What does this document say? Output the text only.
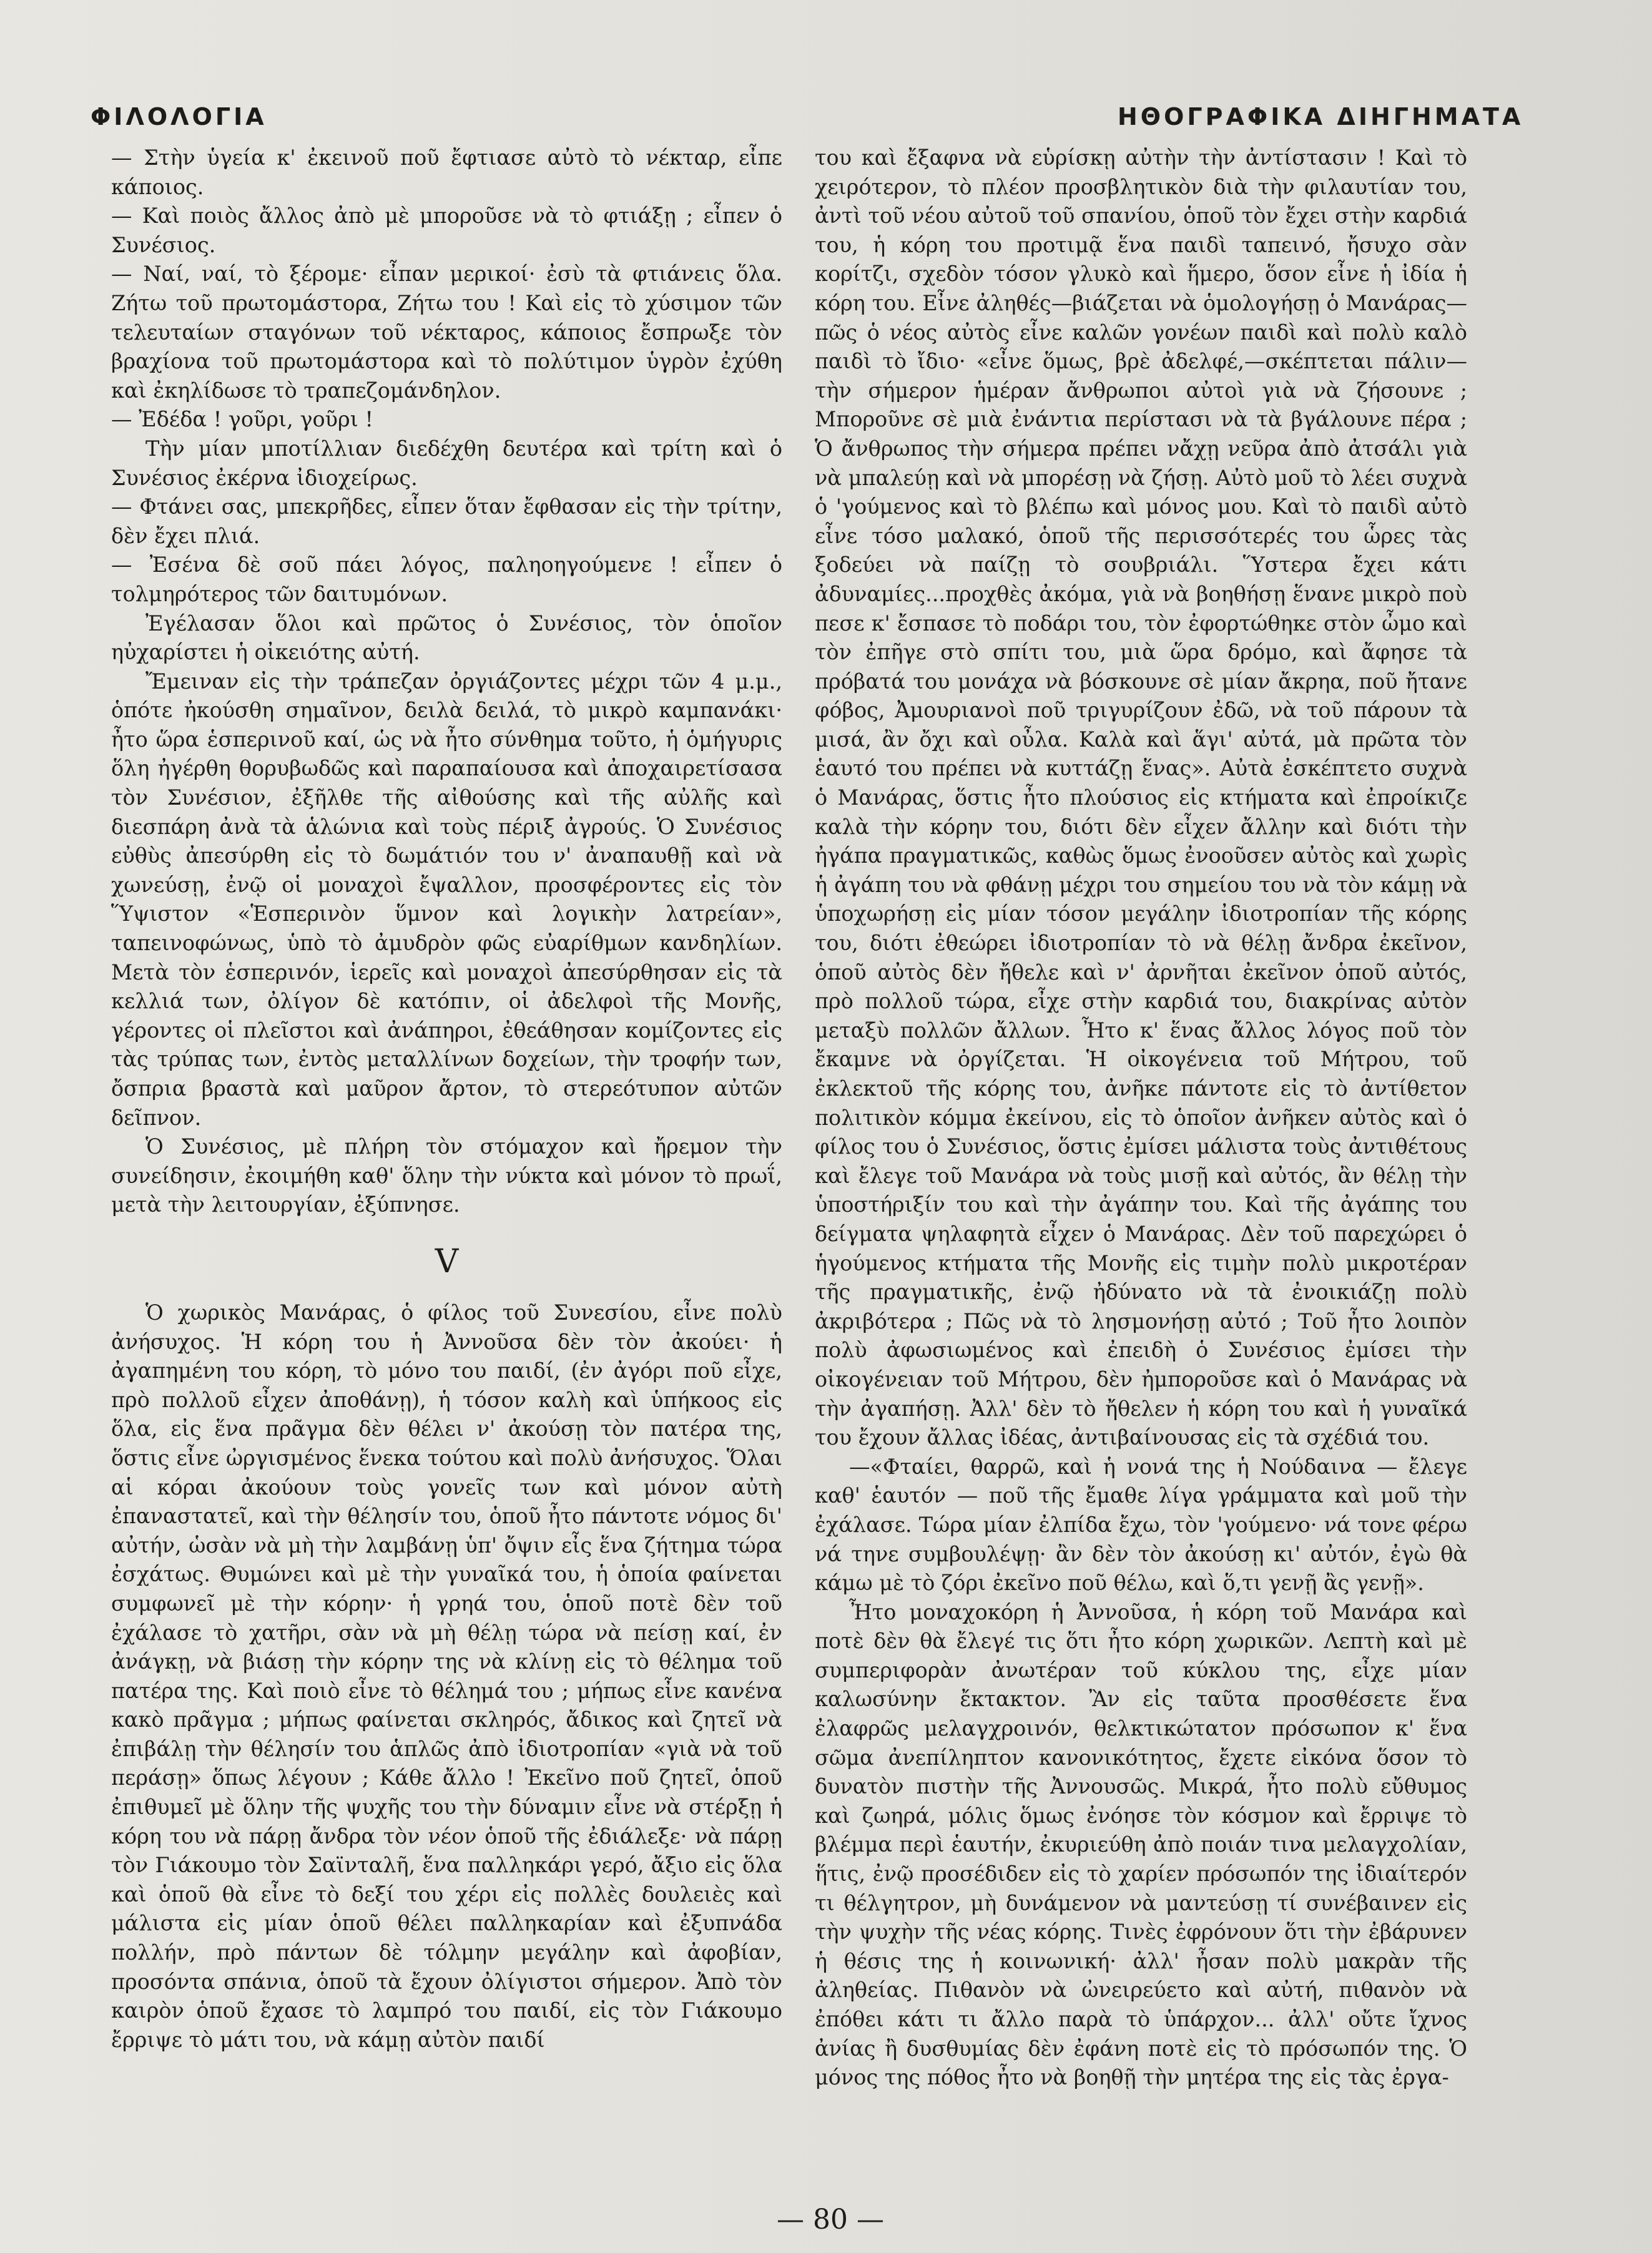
ΦΙΛΟΛΟΓΙΑ	ΗΘΟΓΡΑΦΙΚΑ ΔΙΗΓΗΜΑΤΑ

— Στὴν ὑγεία κ' ἐκεινοῦ ποῦ ἔφτιασε αὐτὸ τὸ νέκταρ, εἶπε κάποιος.

— Καὶ ποιὸς ἄλλος ἀπὸ μὲ μποροῦσε νὰ τὸ φτιάξῃ ; εἶπεν ὁ Συνέσιος.

— Ναί, ναί, τὸ ξέρομε· εἶπαν μερικοί· ἐσὺ τὰ φτιάνεις ὅλα. Ζήτω τοῦ πρωτομάστορα, Ζήτω του ! Καὶ εἰς τὸ χύσιμον τῶν τελευταίων σταγόνων τοῦ νέκταρος, κάποιος ἔσπρωξε τὸν βραχίονα τοῦ πρωτομάστορα καὶ τὸ πολύτιμον ὑγρὸν ἐχύθη καὶ ἐκηλίδωσε τὸ τραπεζομάνδηλον.

— Ἐδέδα ! γοῦρι, γοῦρι !

Τὴν μίαν μποτίλλιαν διεδέχθη δευτέρα καὶ τρίτη καὶ ὁ Συνέσιος ἐκέρνα ἰδιοχείρως.

— Φτάνει σας, μπεκρῆδες, εἶπεν ὅταν ἔφθασαν εἰς τὴν τρίτην, δὲν ἔχει πλιά.

— Ἐσένα δὲ σοῦ πάει λόγος, παληοηγούμενε ! εἶπεν ὁ τολμηρότερος τῶν δαιτυμόνων.

Ἐγέλασαν ὅλοι καὶ πρῶτος ὁ Συνέσιος, τὸν ὁποῖον ηὐχαρίστει ἡ οἰκειότης αὐτή.

Ἔμειναν εἰς τὴν τράπεζαν ὀργιάζοντες μέχρι τῶν 4 μ.μ., ὁπότε ἠκούσθη σημαῖνον, δειλὰ δειλά, τὸ μικρὸ καμπανάκι· ἦτο ὥρα ἑσπερινοῦ καί, ὡς νὰ ἦτο σύνθημα τοῦτο, ἡ ὁμήγυρις ὅλη ἠγέρθη θορυβωδῶς καὶ παραπαίουσα καὶ ἀποχαιρετίσασα τὸν Συνέσιον, ἐξῆλθε τῆς αἰθούσης καὶ τῆς αὐλῆς καὶ διεσπάρη ἀνὰ τὰ ἁλώνια καὶ τοὺς πέριξ ἀγρούς. Ὁ Συνέσιος εὐθὺς ἀπεσύρθη εἰς τὸ δωμάτιόν του ν' ἀναπαυθῇ καὶ νὰ χωνεύσῃ, ἐνῷ οἱ μοναχοὶ ἔψαλλον, προσφέροντες εἰς τὸν Ὕψιστον «Ἑσπερινὸν ὕμνον καὶ λογικὴν λατρείαν», ταπεινοφώνως, ὑπὸ τὸ ἀμυδρὸν φῶς εὐαρίθμων κανδηλίων. Μετὰ τὸν ἑσπερινόν, ἱερεῖς καὶ μοναχοὶ ἀπεσύρθησαν εἰς τὰ κελλιά των, ὀλίγον δὲ κατόπιν, οἱ ἀδελφοὶ τῆς Μονῆς, γέροντες οἱ πλεῖστοι καὶ ἀνάπηροι, ἐθεάθησαν κομίζοντες εἰς τὰς τρύπας των, ἐντὸς μεταλλίνων δοχείων, τὴν τροφήν των, ὄσπρια βραστὰ καὶ μαῦρον ἄρτον, τὸ στερεότυπον αὐτῶν δεῖπνον.

Ὁ Συνέσιος, μὲ πλήρη τὸν στόμαχον καὶ ἤρεμον τὴν συνείδησιν, ἐκοιμήθη καθ' ὅλην τὴν νύκτα καὶ μόνον τὸ πρωΐ, μετὰ τὴν λειτουργίαν, ἐξύπνησε.

V

Ὁ χωρικὸς Μανάρας, ὁ φίλος τοῦ Συνεσίου, εἶνε πολὺ ἀνήσυχος. Ἡ κόρη του ἡ Ἀννοῦσα δὲν τὸν ἀκούει· ἡ ἀγαπημένη του κόρη, τὸ μόνο του παιδί, (ἐν ἀγόρι ποῦ εἶχε, πρὸ πολλοῦ εἶχεν ἀποθάνῃ), ἡ τόσον καλὴ καὶ ὑπήκοος εἰς ὅλα, εἰς ἕνα πρᾶγμα δὲν θέλει ν' ἀκούσῃ τὸν πατέρα της, ὅστις εἶνε ὠργισμένος ἕνεκα τούτου καὶ πολὺ ἀνήσυχος. Ὅλαι αἱ κόραι ἀκούουν τοὺς γονεῖς των καὶ μόνον αὐτὴ ἐπαναστατεῖ, καὶ τὴν θέλησίν του, ὁποῦ ἦτο πάντοτε νόμος δι' αὐτήν, ὡσὰν νὰ μὴ τὴν λαμβάνῃ ὑπ' ὄψιν εἶς ἕνα ζήτημα τώρα ἐσχάτως. Θυμώνει καὶ μὲ τὴν γυναῖκά του, ἡ ὁποία φαίνεται συμφωνεῖ μὲ τὴν κόρην· ἡ γρηά του, ὁποῦ ποτὲ δὲν τοῦ ἐχάλασε τὸ χατῆρι, σὰν νὰ μὴ θέλῃ τώρα νὰ πείσῃ καί, ἐν ἀνάγκῃ, νὰ βιάσῃ τὴν κόρην της νὰ κλίνῃ εἰς τὸ θέλημα τοῦ πατέρα της. Καὶ ποιὸ εἶνε τὸ θέλημά του ; μήπως εἶνε κανένα κακὸ πρᾶγμα ; μήπως φαίνεται σκληρός, ἄδικος καὶ ζητεῖ νὰ ἐπιβάλῃ τὴν θέλησίν του ἁπλῶς ἀπὸ ἰδιοτροπίαν «γιὰ νὰ τοῦ περάσῃ» ὅπως λέγουν ; Κάθε ἄλλο ! Ἐκεῖνο ποῦ ζητεῖ, ὁποῦ ἐπιθυμεῖ μὲ ὅλην τῆς ψυχῆς του τὴν δύναμιν εἶνε νὰ στέρξῃ ἡ κόρη του νὰ πάρῃ ἄνδρα τὸν νέον ὁποῦ τῆς ἐδιάλεξε· νὰ πάρῃ τὸν Γιάκουμο τὸν Σαϊνταλῆ, ἕνα παλληκάρι γερό, ἄξιο εἰς ὅλα καὶ ὁποῦ θὰ εἶνε τὸ δεξί του χέρι εἰς πολλὲς δουλειὲς καὶ μάλιστα εἰς μίαν ὁποῦ θέλει παλληκαρίαν καὶ ἐξυπνάδα πολλήν, πρὸ πάντων δὲ τόλμην μεγάλην καὶ ἀφοβίαν, προσόντα σπάνια, ὁποῦ τὰ ἔχουν ὀλίγιστοι σήμερον. Ἀπὸ τὸν καιρὸν ὁποῦ ἔχασε τὸ λαμπρό του παιδί, εἰς τὸν Γιάκουμο ἔρριψε τὸ μάτι του, νὰ κάμῃ αὐτὸν παιδί

του καὶ ἔξαφνα νὰ εὑρίσκῃ αὐτὴν τὴν ἀντίστασιν ! Καὶ τὸ χειρότερον, τὸ πλέον προσβλητικὸν διὰ τὴν φιλαυτίαν του, ἀντὶ τοῦ νέου αὐτοῦ τοῦ σπανίου, ὁποῦ τὸν ἔχει στὴν καρδιά του, ἡ κόρη του προτιμᾷ ἕνα παιδὶ ταπεινό, ἤσυχο σὰν κορίτζι, σχεδὸν τόσον γλυκὸ καὶ ἥμερο, ὅσον εἶνε ἡ ἰδία ἡ κόρη του. Εἶνε ἀληθές—βιάζεται νὰ ὁμολογήσῃ ὁ Μανάρας—πῶς ὁ νέος αὐτὸς εἶνε καλῶν γονέων παιδὶ καὶ πολὺ καλὸ παιδὶ τὸ ἴδιο· «εἶνε ὅμως, βρὲ ἀδελφέ,—σκέπτεται πάλιν—τὴν σήμερον ἡμέραν ἄνθρωποι αὐτοὶ γιὰ νὰ ζήσουνε ; Μποροῦνε σὲ μιὰ ἐνάντια περίστασι νὰ τὰ βγάλουνε πέρα ; Ὁ ἄνθρωπος τὴν σήμερα πρέπει νἄχῃ νεῦρα ἀπὸ ἀτσάλι γιὰ νὰ μπαλεύῃ καὶ νὰ μπορέσῃ νὰ ζήσῃ. Αὐτὸ μοῦ τὸ λέει συχνὰ ὁ 'γούμενος καὶ τὸ βλέπω καὶ μόνος μου. Καὶ τὸ παιδὶ αὐτὸ εἶνε τόσο μαλακό, ὁποῦ τῆς περισσότερές του ὧρες τὰς ξοδεύει νὰ παίζῃ τὸ σουβριάλι. Ὕστερα ἔχει κάτι ἀδυναμίες...προχθὲς ἀκόμα, γιὰ νὰ βοηθήσῃ ἕνανε μικρὸ ποὺ πεσε κ' ἔσπασε τὸ ποδάρι του, τὸν ἐφορτώθηκε στὸν ὦμο καὶ τὸν ἐπῆγε στὸ σπίτι του, μιὰ ὥρα δρόμο, καὶ ἄφησε τὰ πρόβατά του μονάχα νὰ βόσκουνε σὲ μίαν ἄκρηα, ποῦ ἤτανε φόβος, Ἀμουριανοὶ ποῦ τριγυρίζουν ἐδῶ, νὰ τοῦ πάρουν τὰ μισά, ἂν ὄχι καὶ οὖλα. Καλὰ καὶ ἅγι' αὐτά, μὰ πρῶτα τὸν ἑαυτό του πρέπει νὰ κυττάζῃ ἕνας». Αὐτὰ ἐσκέπτετο συχνὰ ὁ Μανάρας, ὅστις ἦτο πλούσιος εἰς κτήματα καὶ ἐπροίκιζε καλὰ τὴν κόρην του, διότι δὲν εἶχεν ἄλλην καὶ διότι τὴν ἠγάπα πραγματικῶς, καθὼς ὅμως ἐνοοῦσεν αὐτὸς καὶ χωρὶς ἡ ἀγάπη του νὰ φθάνῃ μέχρι του σημείου του νὰ τὸν κάμῃ νὰ ὑποχωρήσῃ εἰς μίαν τόσον μεγάλην ἰδιοτροπίαν τῆς κόρης του, διότι ἐθεώρει ἰδιοτροπίαν τὸ νὰ θέλῃ ἄνδρα ἐκεῖνον, ὁποῦ αὐτὸς δὲν ἤθελε καὶ ν' ἀρνῆται ἐκεῖνον ὁποῦ αὐτός, πρὸ πολλοῦ τώρα, εἶχε στὴν καρδιά του, διακρίνας αὐτὸν μεταξὺ πολλῶν ἄλλων. Ἦτο κ' ἕνας ἄλλος λόγος ποῦ τὸν ἔκαμνε νὰ ὀργίζεται. Ἡ οἰκογένεια τοῦ Μήτρου, τοῦ ἐκλεκτοῦ τῆς κόρης του, ἀνῆκε πάντοτε εἰς τὸ ἀντίθετον πολιτικὸν κόμμα ἐκείνου, εἰς τὸ ὁποῖον ἀνῆκεν αὐτὸς καὶ ὁ φίλος του ὁ Συνέσιος, ὅστις ἐμίσει μάλιστα τοὺς ἀντιθέτους καὶ ἔλεγε τοῦ Μανάρα νὰ τοὺς μισῇ καὶ αὐτός, ἂν θέλῃ τὴν ὑποστήριξίν του καὶ τὴν ἀγάπην του. Καὶ τῆς ἀγάπης του δείγματα ψηλαφητὰ εἶχεν ὁ Μανάρας. Δὲν τοῦ παρεχώρει ὁ ἡγούμενος κτήματα τῆς Μονῆς εἰς τιμὴν πολὺ μικροτέραν τῆς πραγματικῆς, ἐνῷ ἠδύνατο νὰ τὰ ἐνοικιάζῃ πολὺ ἀκριβότερα ; Πῶς νὰ τὸ λησμονήσῃ αὐτό ; Τοῦ ἦτο λοιπὸν πολὺ ἀφωσιωμένος καὶ ἐπειδὴ ὁ Συνέσιος ἐμίσει τὴν οἰκογένειαν τοῦ Μήτρου, δὲν ἠμποροῦσε καὶ ὁ Μανάρας νὰ τὴν ἀγαπήσῃ. Ἀλλ' δὲν τὸ ἤθελεν ἡ κόρη του καὶ ἡ γυναῖκά του ἔχουν ἄλλας ἰδέας, ἀντιβαίνουσας εἰς τὰ σχέδιά του.

—«Φταίει, θαρρῶ, καὶ ἡ νονά της ἡ Νούδαινα — ἔλεγε καθ' ἑαυτόν — ποῦ τῆς ἔμαθε λίγα γράμματα καὶ μοῦ τὴν ἐχάλασε. Τώρα μίαν ἐλπίδα ἔχω, τὸν 'γούμενο· νά τονε φέρω νά τηνε συμβουλέψῃ· ἂν δὲν τὸν ἀκούσῃ κι' αὐτόν, ἐγὼ θὰ κάμω μὲ τὸ ζόρι ἐκεῖνο ποῦ θέλω, καὶ ὅ,τι γενῇ ἂς γενῇ».

Ἦτο μοναχοκόρη ἡ Ἀννοῦσα, ἡ κόρη τοῦ Μανάρα καὶ ποτὲ δὲν θὰ ἔλεγέ τις ὅτι ἦτο κόρη χωρικῶν. Λεπτὴ καὶ μὲ συμπεριφορὰν ἀνωτέραν τοῦ κύκλου της, εἶχε μίαν καλωσύνην ἔκτακτον. Ἂν εἰς ταῦτα προσθέσετε ἕνα ἐλαφρῶς μελαγχροινόν, θελκτικώτατον πρόσωπον κ' ἕνα σῶμα ἀνεπίληπτον κανονικότητος, ἔχετε εἰκόνα ὅσον τὸ δυνατὸν πιστὴν τῆς Ἀννουσῶς. Μικρά, ἦτο πολὺ εὔθυμος καὶ ζωηρά, μόλις ὅμως ἐνόησε τὸν κόσμον καὶ ἔρριψε τὸ βλέμμα περὶ ἑαυτήν, ἐκυριεύθη ἀπὸ ποιάν τινα μελαγχολίαν, ἥτις, ἐνῷ προσέδιδεν εἰς τὸ χαρίεν πρόσωπόν της ἰδιαίτερόν τι θέλγητρον, μὴ δυνάμενον νὰ μαντεύσῃ τί συνέβαινεν εἰς τὴν ψυχὴν τῆς νέας κόρης. Τινὲς ἐφρόνουν ὅτι τὴν ἐβάρυνεν ἡ θέσις της ἡ κοινωνική· ἀλλ' ἦσαν πολὺ μακρὰν τῆς ἀληθείας. Πιθανὸν νὰ ὠνειρεύετο καὶ αὐτή, πιθανὸν νὰ ἐπόθει κάτι τι ἄλλο παρὰ τὸ ὑπάρχον... ἀλλ' οὔτε ἴχνος ἀνίας ἢ δυσθυμίας δὲν ἐφάνη ποτὲ εἰς τὸ πρόσωπόν της. Ὁ μόνος της πόθος ἦτο νὰ βοηθῇ τὴν μητέρα της εἰς τὰς ἐργα-

— 80 —
